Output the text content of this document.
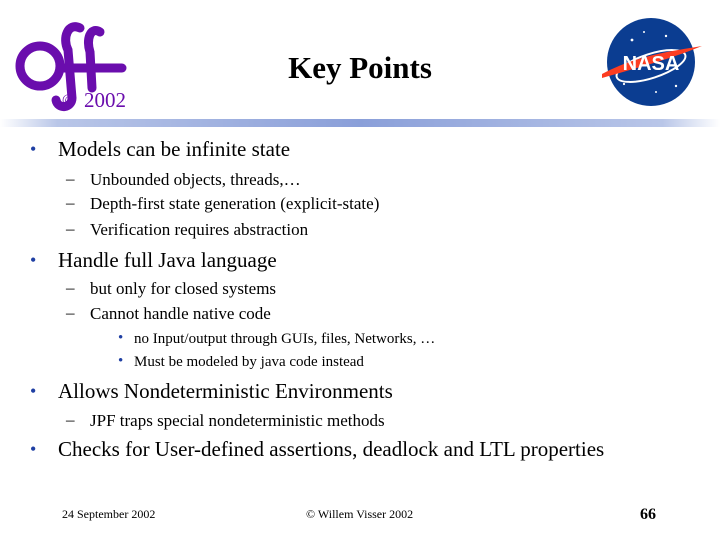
@ 2002
Key Points	NASA
• Models can be infinite state
– Unbounded objects, threads,…
– Depth-first state generation (explicit-state)
– Verification requires abstraction
• Handle full Java language
– but only for closed systems
– Cannot handle native code
• no Input/output through GUIs, files, Networks, …
• Must be modeled by java code instead
• Allows Nondeterministic Environments
– JPF traps special nondeterministic methods
• Checks for User-defined assertions, deadlock and LTL properties
24 September 2002	© Willem Visser 2002	66
